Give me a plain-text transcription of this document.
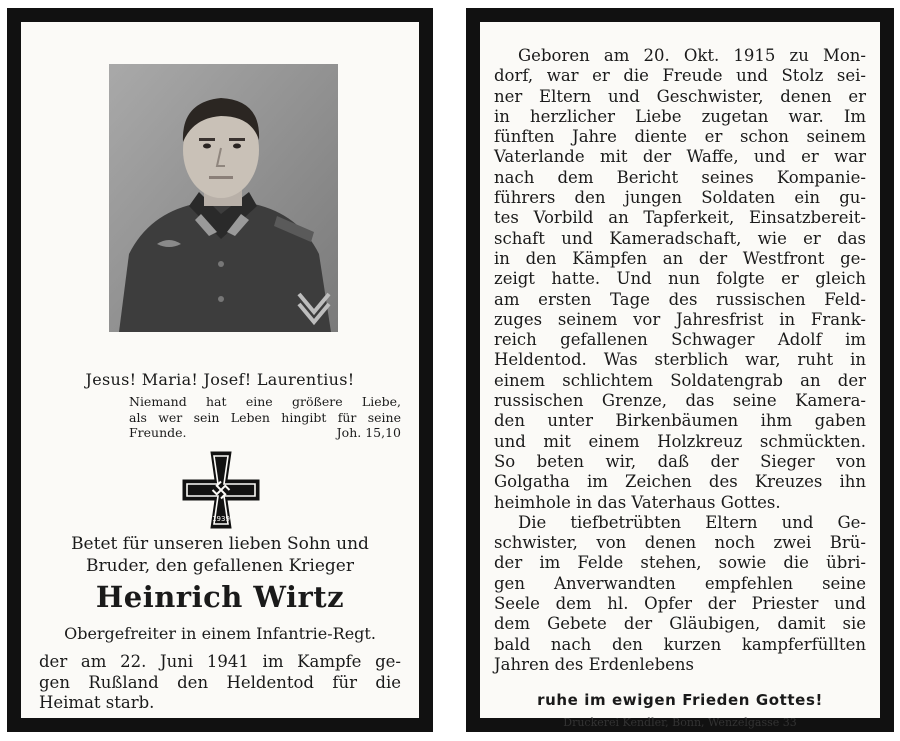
Jesus! Maria! Josef! Laurentius!
Niemand hat eine größere Liebe,
als wer sein Leben hingibt für seine
Freunde.	Joh. 15,10
1939
Betet für unseren lieben Sohn und
Bruder, den gefallenen Krieger
Heinrich Wirtz
Obergefreiter in einem Infantrie-Regt.
der am 22. Juni 1941 im Kampfe ge-
gen Rußland den Heldentod für die
Heimat starb.
Geboren am 20. Okt. 1915 zu Mon-
dorf, war er die Freude und Stolz sei-
ner Eltern und Geschwister, denen er
in herzlicher Liebe zugetan war. Im
fünften Jahre diente er schon seinem
Vaterlande mit der Waffe, und er war
nach dem Bericht seines Kompanie-
führers den jungen Soldaten ein gu-
tes Vorbild an Tapferkeit, Einsatzbereit-
schaft und Kameradschaft, wie er das
in den Kämpfen an der Westfront ge-
zeigt hatte. Und nun folgte er gleich
am ersten Tage des russischen Feld-
zuges seinem vor Jahresfrist in Frank-
reich gefallenen Schwager Adolf im
Heldentod. Was sterblich war, ruht in
einem schlichtem Soldatengrab an der
russischen Grenze, das seine Kamera-
den unter Birkenbäumen ihm gaben
und mit einem Holzkreuz schmückten.
So beten wir, daß der Sieger von
Golgatha im Zeichen des Kreuzes ihn
heimhole in das Vaterhaus Gottes.
Die tiefbetrübten Eltern und Ge-
schwister, von denen noch zwei Brü-
der im Felde stehen, sowie die übri-
gen Anverwandten empfehlen seine
Seele dem hl. Opfer der Priester und
dem Gebete der Gläubigen, damit sie
bald nach den kurzen kampferfüllten
Jahren des Erdenlebens
ruhe im ewigen Frieden Gottes!
Druckerei Kendler, Bonn, Wenzelgasse 33
